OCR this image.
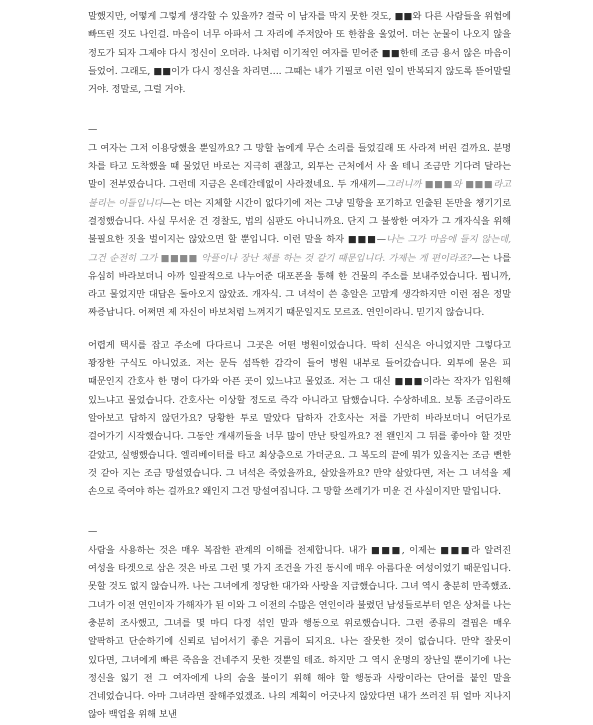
말했지만, 어떻게 그렇게 생각할 수 있을까? 결국 이 남자를 막지 못한 것도, ■■와 다른 사람들을 위험에 빠뜨린 것도 나인걸. 마음이 너무 아파서 그 자리에 주저앉아 또 한참을 울었어. 더는 눈물이 나오지 않을 정도가 되자 그제야 다시 정신이 오더라. 나처럼 이기적인 여자를 믿어준 ■■한테 조금 용서 않은 마음이 들었어. 그래도, ■■이가 다시 정신을 차리면…. 그때는 내가 기필코 이런 일이 반복되지 않도록 뜯어말릴 거야. 정말로, 그럴 거야.

—

그 여자는 그저 이용당했을 뿐일까요? 그 망할 놈에게 무슨 소리를 들었길래 또 사라져 버린 걸까요. 분명 차를 타고 도착했을 때 물었던 바로는 지극히 괜찮고, 외투는 근처에서 사 올 테니 조금만 기다려 달라는 말이 전부였습니다. 그런데 지금은 온데간데없이 사라졌네요. 두 개새끼—그러니까 ■■■와 ■■■라고 불리는 이들입니다—는 더는 지체할 시간이 없다기에 저는 그냥 밀항을 포기하고 인출된 돈만을 챙기기로 결정했습니다. 사실 무서운 건 경찰도, 법의 심판도 아니니까요. 단지 그 불쌍한 여자가 그 개자식을 위해 불필요한 짓을 벌이지는 않았으면 할 뿐입니다. 이런 말을 하자 ■■■—나는 그가 마음에 들지 않는데, 그건 순전히 그가 ■■■■ 악플이나 장난 체를 하는 것 같기 때문입니다. 가제는 게 편이라죠?—는 나를 유심히 바라보더니 아까 일괄적으로 나누어준 대포폰을 통해 한 건물의 주소를 보내주었습니다. 뭡니까, 라고 물었지만 대답은 돌아오지 않았죠. 개자식. 그 녀석이 쓴 총알은 고맙게 생각하지만 이런 점은 정말 짜증납니다. 어쩌면 제 자신이 바보처럼 느껴지기 때문일지도 모르죠. 연인이라니. 믿기지 않습니다.

어렵게 택시를 잡고 주소에 다다르니 그곳은 어떤 병원이었습니다. 딱히 신식은 아니었지만 그렇다고 꽝장한 구식도 아니었죠. 저는 문득 섬뜩한 감각이 들어 병원 내부로 들어갔습니다. 외투에 묻은 피 때문인지 간호사 한 명이 다가와 아픈 곳이 있느냐고 물었죠. 저는 그 대신 ■■■이라는 작자가 입원해 있느냐고 물었습니다. 간호사는 이상할 정도로 즉각 아니라고 답했습니다. 수상하네요. 보통 조금이라도 알아보고 답하지 않던가요? 당황한 투로 말았다 답하자 간호사는 저를 가만히 바라보더니 어딘가로 걸어가기 시작했습니다. 그동안 개새끼들을 너무 많이 만난 탓일까요? 전 왠인지 그 뒤를 좋아야 할 것만 같았고, 실행했습니다. 엘리베이터를 타고 최상층으로 가더군요. 그 복도의 끝에 뭐가 있을지는 조금 뻔한 것 같아 지는 조금 망설였습니다. 그 녀석은 죽었을까요, 살았을까요? 만약 살았다면, 저는 그 녀석을 제 손으로 죽여야 하는 걸까요? 왜인지 그건 망설여집니다. 그 망할 쓰레기가 미운 건 사실이지만 말입니다.

—

사람을 사용하는 것은 매우 복잡한 관계의 이해를 전제합니다. 내가 ■■■, 이제는 ■■■라 알려진 여성을 타겟으로 삼은 것은 바로 그런 몇 가지 조건을 가진 동시에 매우 아름다운 여성이었기 때문입니다. 못할 것도 없지 않습니까. 나는 그녀에게 정당한 대가와 사랑을 지급했습니다. 그녀 역시 충분히 만족했죠. 그녀가 이전 연인이자 가해자가 된 이와 그 이전의 수많은 연인이라 불렸던 남성들로부터 얻은 상처를 나는 충분히 조사했고, 그녀를 몇 마디 다정 섞인 말과 행동으로 위로했습니다. 그런 종류의 결핍은 매우 얄팍하고 단순하기에 신뢰로 넘어서기 좋은 거름이 되지요. 나는 잘못한 것이 없습니다. 만약 잘못이 있다면, 그녀에게 빠른 죽음을 건네주지 못한 것뿐일 테죠. 하지만 그 역시 운명의 장난일 뿐이기에 나는 정신을 잃기 전 그 여자에게 나의 숨을 불이기 위해 해야 할 행동과 사랑이라는 단어를 붙인 말을 건네었습니다. 아마 그녀라면 잘해주었겠죠. 나의 계획이 어긋나지 않았다면 내가 쓰러진 뒤 얼마 지나지 않아 백업을 위해 보낸
